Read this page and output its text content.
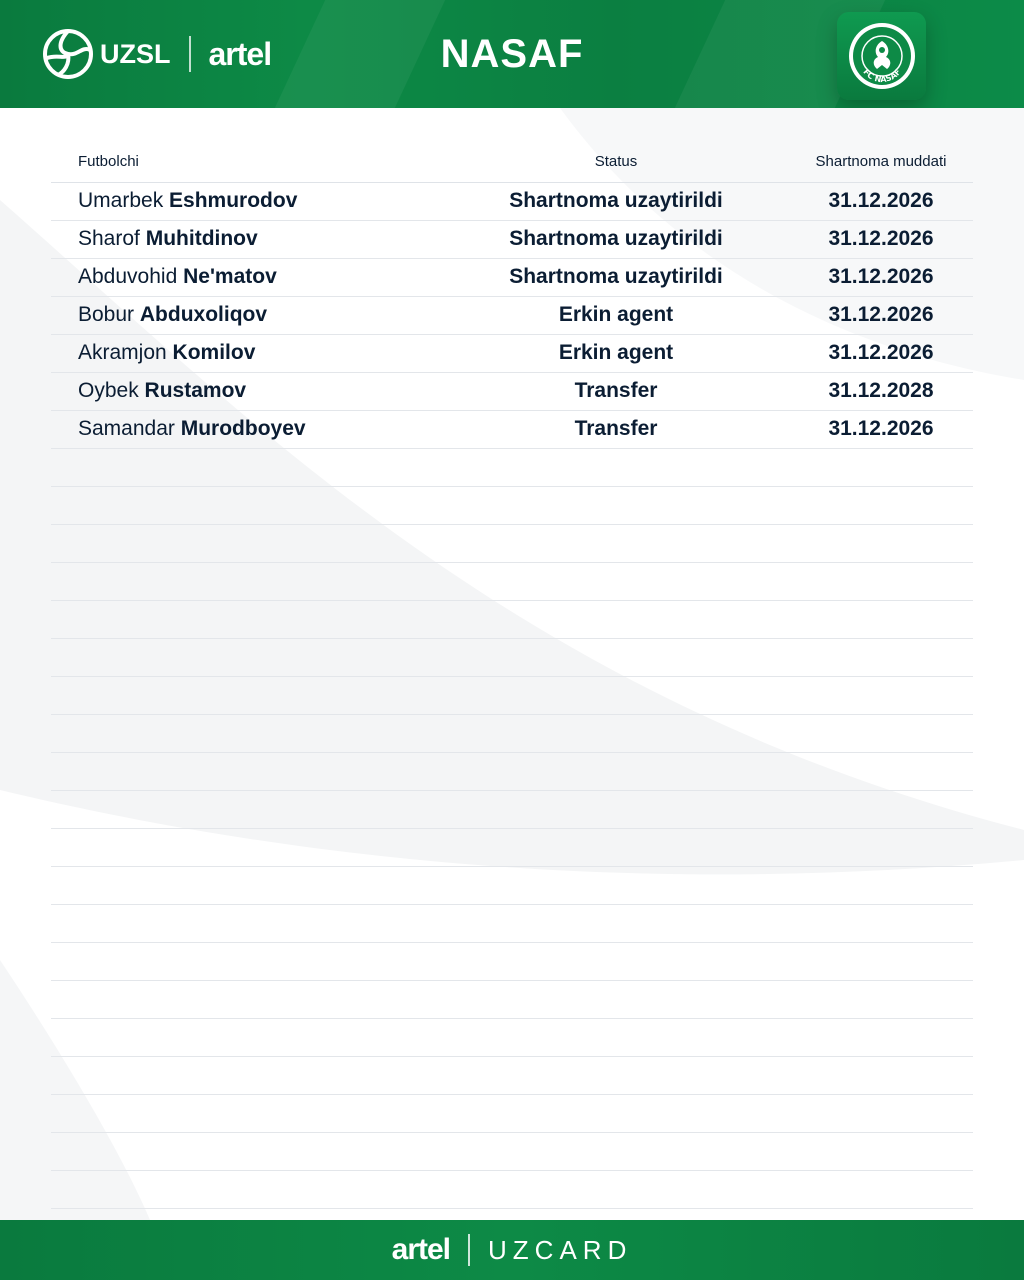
UZSL artel	NASAF	FC NASAF
Futbolchi	Status	Shartnoma muddati
Umarbek Eshmurodov	Shartnoma uzaytirildi	31.12.2026
Sharof Muhitdinov	Shartnoma uzaytirildi	31.12.2026
Abduvohid Ne'matov	Shartnoma uzaytirildi	31.12.2026
Bobur Abduxoliqov	Erkin agent	31.12.2026
Akramjon Komilov	Erkin agent	31.12.2026
Oybek Rustamov	Transfer	31.12.2028
Samandar Murodboyev	Transfer	31.12.2026
artel UZCARD
